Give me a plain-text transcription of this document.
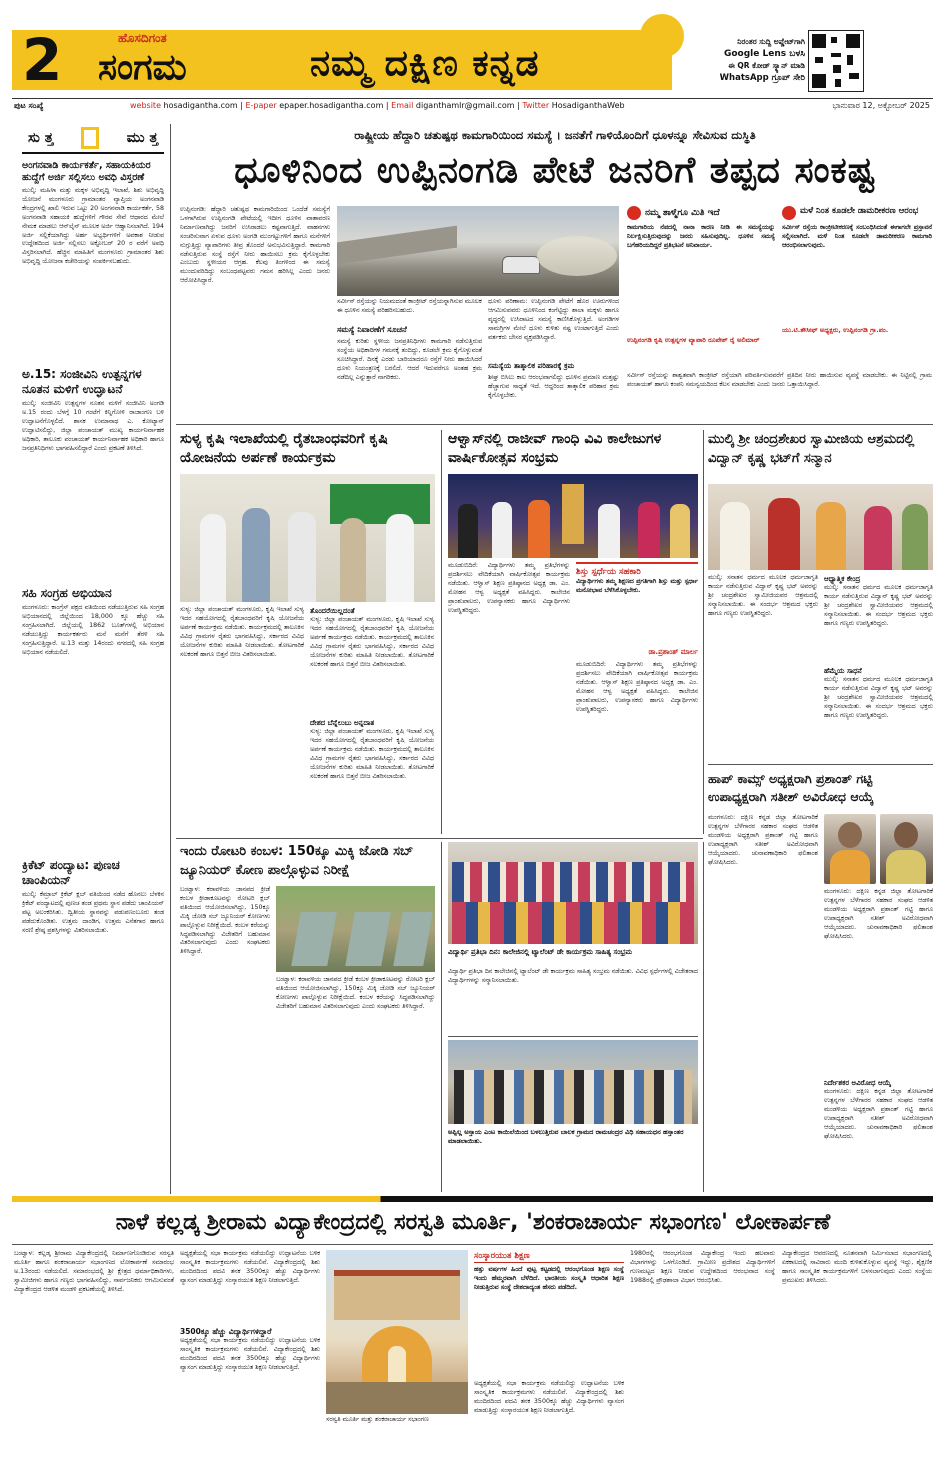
2	ಹೊಸದಿಗಂತ
ಸಂಗಮ	ನಮ್ಮ ದಕ್ಷಿಣ ಕನ್ನಡ
ನಿರಂತರ ಸುದ್ದಿ ಅಪ್ಡೇಟ್‌ಗಾಗಿ
Google Lens ಬಳಸಿ
ಈ QR ಕೋಡ್ ಸ್ಕ್ಯಾನ್ ಮಾಡಿ
WhatsApp ಗ್ರೂಪ್ ಸೇರಿ
ಪುಟ ಸಂಖ್ಯೆ	website hosadigantha.com | E-paper epaper.hosadigantha.com | Email diganthamlr@gmail.com | Twitter HosadiganthaWeb	ಭಾನುವಾರ 12, ಅಕ್ಟೋಬರ್ 2025
ಸು ತ್ತ	ಮು ತ್ತ
ಅಂಗನವಾಡಿ ಕಾರ್ಯಕರ್ತೆ, ಸಹಾಯಕಿಯರ ಹುದ್ದೆಗೆ ಅರ್ಜಿ ಸಲ್ಲಿಸಲು ಅವಧಿ ವಿಸ್ತರಣೆ
ಮುಲ್ಕಿ: ಮಹಿಳಾ ಮತ್ತು ಮಕ್ಕಳ ಅಭಿವೃದ್ಧಿ ಇಲಾಖೆ, ಶಿಶು ಅಭಿವೃದ್ಧಿ ಯೋಜನೆ ಮಂಗಳೂರು ಗ್ರಾಮಾಂತರ ವ್ಯಾಪ್ತಿಯ ಅಂಗನವಾಡಿ ಕೇಂದ್ರಗಳಲ್ಲಿ ಖಾಲಿ ಇರುವ ಒಟ್ಟು 20 ಅಂಗನವಾಡಿ ಕಾರ್ಯಕರ್ತೆ, 58 ಅಂಗನವಾಡಿ ಸಹಾಯಕಿ ಹುದ್ದೆಗಳಿಗೆ ಗೌರವ ಸೇವೆ ಆಧಾರದ ಮೇಲೆ ನೇಮಕ ಮಾಡಲು ಆನ್‌ಲೈನ್ ಮೂಲಕ ಅರ್ಜಿ ಆಹ್ವಾನಿಸಲಾಗಿದೆ. 194 ಅರ್ಜಿ ಸಲ್ಲಿಕೆಯಾಗಿದ್ದು ಅರ್ಹ ಅಭ್ಯರ್ಥಿಗಳಿಗೆ ಅವಕಾಶ ನೀಡುವ ಉದ್ದೇಶದಿಂದ ಅರ್ಜಿ ಸಲ್ಲಿಸಲು ಅಕ್ಟೋಬರ್ 20 ರ ವರೆಗೆ ಅವಧಿ ವಿಸ್ತರಿಸಲಾಗಿದೆ. ಹೆಚ್ಚಿನ ಮಾಹಿತಿಗೆ ಮಂಗಳೂರು ಗ್ರಾಮಾಂತರ ಶಿಶು ಅಭಿವೃದ್ಧಿ ಯೋಜನಾ ಕಚೇರಿಯನ್ನು ಸಂಪರ್ಕಿಸಬಹುದು.
ಅ.15: ಸಂಜೀವಿನಿ ಉತ್ಪನ್ನಗಳ ನೂತನ ಮಳಿಗೆ ಉದ್ಘಾಟನೆ
ಮುಲ್ಕಿ: ಸಂಜೀವಿನಿ ಉತ್ಪನ್ನಗಳ ನೂತನ ಮಳಿಗೆ ಸಂಜೀವಿನಿ ಅಂಗಡಿ ಅ.15 ರಂದು ಬೆಳಗ್ಗೆ 10 ಗಂಟೆಗೆ ಕಿನ್ನಿಗೋಳಿ ರಾಜಾಂಗಣ ಬಳಿ ಉದ್ಘಾಟನೆಗೊಳ್ಳಲಿದೆ. ಶಾಸಕ ಉಮಾನಾಥ ಎ. ಕೋಟ್ಯಾನ್ ಉದ್ಘಾಟಿಸಲಿದ್ದು, ಜಿಲ್ಲಾ ಪಂಚಾಯತ್ ಮುಖ್ಯ ಕಾರ್ಯನಿರ್ವಾಹಕ ಅಧಿಕಾರಿ, ತಾಲೂಕು ಪಂಚಾಯತ್ ಕಾರ್ಯನಿರ್ವಾಹಕ ಅಧಿಕಾರಿ ಹಾಗೂ ಜನಪ್ರತಿನಿಧಿಗಳು ಭಾಗವಹಿಸಲಿದ್ದಾರೆ ಎಂದು ಪ್ರಕಟಣೆ ತಿಳಿಸಿದೆ.
ಸಹಿ ಸಂಗ್ರಹ ಅಭಿಯಾನ
ಮಂಗಳೂರು: ಕಾಂಗ್ರೆಸ್ ಪಕ್ಷದ ವತಿಯಿಂದ ನಡೆಯುತ್ತಿರುವ ಸಹಿ ಸಂಗ್ರಹ ಅಭಿಯಾನದಲ್ಲಿ ಜಿಲ್ಲೆಯಿಂದ 18,000 ಕ್ಕೂ ಹೆಚ್ಚು ಸಹಿ ಸಂಗ್ರಹಿಸಲಾಗಿದೆ. ಜಿಲ್ಲೆಯಲ್ಲಿ 1862 ಬೂತ್‌ಗಳಲ್ಲಿ ಅಭಿಯಾನ ನಡೆಯುತ್ತಿದ್ದು ಕಾರ್ಯಕರ್ತರು ಮನೆ ಮನೆಗೆ ತೆರಳಿ ಸಹಿ ಸಂಗ್ರಹಿಸುತ್ತಿದ್ದಾರೆ. ಅ.13 ಮತ್ತು 14ರಂದು ನಗರದಲ್ಲಿ ಸಹಿ ಸಂಗ್ರಹ ಅಭಿಯಾನ ನಡೆಯಲಿದೆ.
ಕ್ರಿಕೆಟ್ ಪಂದ್ಯಾಟ: ಪುಣಚ ಚಾಂಪಿಯನ್
ಮುಲ್ಕಿ: ಕೆಮ್ರಾಲ್ ಕ್ರಿಕೆಟ್ ಕ್ಲಬ್ ವತಿಯಿಂದ ನಡೆದ ಹೊನಲು ಬೆಳಕಿನ ಕ್ರಿಕೆಟ್ ಪಂದ್ಯಾಟದಲ್ಲಿ ಪುಣಚ ತಂಡ ಪ್ರಥಮ ಸ್ಥಾನ ಪಡೆದು ಚಾಂಪಿಯನ್ ಪಟ್ಟ ಅಲಂಕರಿಸಿತು. ದ್ವಿತೀಯ ಸ್ಥಾನವನ್ನು ಪಡುಪಣಂಬೂರು ತಂಡ ಪಡೆದುಕೊಂಡಿತು. ಉತ್ತಮ ದಾಂಡಿಗ, ಉತ್ತಮ ಎಸೆತಗಾರ ಹಾಗೂ ಸರಣಿ ಶ್ರೇಷ್ಠ ಪ್ರಶಸ್ತಿಗಳನ್ನು ವಿತರಿಸಲಾಯಿತು.
ರಾಷ್ಟ್ರೀಯ ಹೆದ್ದಾರಿ ಚತುಷ್ಪಥ ಕಾಮಗಾರಿಯಿಂದ ಸಮಸ್ಯೆ । ಜನತೆಗೆ ಗಾಳಿಯೊಂದಿಗೆ ಧೂಳನ್ನೂ ಸೇವಿಸುವ ದುಸ್ಥಿತಿ
ಧೂಳಿನಿಂದ ಉಪ್ಪಿನಂಗಡಿ ಪೇಟೆ ಜನರಿಗೆ ತಪ್ಪದ ಸಂಕಷ್ಟ
ಉಪ್ಪಿನಂಗಡಿ: ಹೆದ್ದಾರಿ ಚತುಷ್ಪಥ ಕಾಮಗಾರಿಯಿಂದ ಒಂದೆಡೆ ಸಮಸ್ಯೆಗೆ ಒಳಗಾಗಿರುವ ಉಪ್ಪಿನಂಗಡಿ ಪೇಟೆಯಲ್ಲಿ ಇದೀಗ ಧೂಳಿನ ವಾತಾವರಣ ನಿರ್ಮಾಣವಾಗಿದ್ದು ಜನರಿಗೆ ಉಸಿರಾಡಲು ಕಷ್ಟವಾಗುತ್ತಿದೆ. ವಾಹನಗಳು ಸಂಚರಿಸುವಾಗ ಏಳುವ ಧೂಳು ಅಂಗಡಿ ಮುಂಗಟ್ಟುಗಳಿಗೆ ಹಾಗೂ ಮನೆಗಳಿಗೆ ನುಗ್ಗುತ್ತಿದ್ದು ವ್ಯಾಪಾರಿಗಳು ತೀವ್ರ ತೊಂದರೆ ಅನುಭವಿಸುತ್ತಿದ್ದಾರೆ. ಕಾಮಗಾರಿ ನಡೆಸುತ್ತಿರುವ ಸಂಸ್ಥೆ ರಸ್ತೆಗೆ ನೀರು ಹಾಯಿಸಲು ಕ್ರಮ ಕೈಗೊಳ್ಳಬೇಕು ಎಂಬುದು ಸ್ಥಳೀಯರ ಆಗ್ರಹ. ಕೆಲವು ತಿಂಗಳಿಂದ ಈ ಸಮಸ್ಯೆ ಮುಂದುವರಿದಿದ್ದು ಸಂಬಂಧಪಟ್ಟವರು ಗಮನ ಹರಿಸಿಲ್ಲ ಎಂದು ಜನರು ಆರೋಪಿಸಿದ್ದಾರೆ.
ಸರ್ವೀಸ್ ರಸ್ತೆಯನ್ನು ನಿಯಮದಂತೆ ಕಾಂಕ್ರೀಟ್ ರಸ್ತೆಯನ್ನಾಗಿಸುವ ಮೂಲಕ ಈ ಧೂಳಿನ ಸಮಸ್ಯೆ ಪರಿಹರಿಸಬಹುದು.
ಸಮಸ್ಯೆ ನಿವಾರಣೆಗೆ ಸೂಚನೆ
ಸಮಸ್ಯೆ ಕುರಿತು ಸ್ಥಳೀಯ ಜನಪ್ರತಿನಿಧಿಗಳು ಕಾಮಗಾರಿ ನಡೆಸುತ್ತಿರುವ ಸಂಸ್ಥೆಯ ಅಧಿಕಾರಿಗಳ ಗಮನಕ್ಕೆ ತಂದಿದ್ದು, ಕೂಡಲೇ ಕ್ರಮ ಕೈಗೊಳ್ಳುವಂತೆ ಸೂಚಿಸಿದ್ದಾರೆ. ದಿನಕ್ಕೆ ಎರಡು ಬಾರಿಯಾದರೂ ರಸ್ತೆಗೆ ನೀರು ಹಾಯಿಸಿದರೆ ಧೂಳು ನಿಯಂತ್ರಣಕ್ಕೆ ಬರಲಿದೆ. ಆದರೆ ಇದುವರೆಗೂ ಅಂತಹ ಕ್ರಮ ನಡೆದಿಲ್ಲ ಎನ್ನುತ್ತಾರೆ ನಾಗರಿಕರು.
ಧೂಳು ಪರಿಣಾಮ: ಉಪ್ಪಿನಂಗಡಿ ಪೇಟೆಗೆ ಹೊರ ಊರುಗಳಿಂದ ಆಗಮಿಸುವವರು ಧೂಳಿನಿಂದ ಕಂಗೆಟ್ಟಿದ್ದು ಶಾಲಾ ಮಕ್ಕಳು ಹಾಗೂ ವೃದ್ಧರಲ್ಲಿ ಉಸಿರಾಟದ ಸಮಸ್ಯೆ ಕಾಣಿಸಿಕೊಳ್ಳುತ್ತಿದೆ. ಅಂಗಡಿಗಳ ಸಾಮಗ್ರಿಗಳ ಮೇಲೆ ಧೂಳು ಕುಳಿತು ನಷ್ಟ ಉಂಟಾಗುತ್ತಿದೆ ಎಂದು ವರ್ತಕರು ಬೇಸರ ವ್ಯಕ್ತಪಡಿಸಿದ್ದಾರೆ.
ಸಮಸ್ಯೆಯ ತಾತ್ಕಾಲಿಕ ಪರಿಹಾರಕ್ಕೆ ಕ್ರಮ
ಶೀಘ್ರ ಬಿಸಿಲು ಕಾಲ ಆರಂಭವಾಗಲಿದ್ದು ಧೂಳಿನ ಪ್ರಮಾಣ ಮತ್ತಷ್ಟು ಹೆಚ್ಚಾಗುವ ಸಾಧ್ಯತೆ ಇದೆ. ಆದ್ದರಿಂದ ತಾತ್ಕಾಲಿಕ ಪರಿಹಾರ ಕ್ರಮ ಕೈಗೊಳ್ಳಬೇಕು.
ನಮ್ಮ ತಾಳ್ಮೆಗೂ ಮಿತಿ ಇದೆ
ಕಾಮಗಾರಿಯ ನೆಪದಲ್ಲಿ ನಾನಾ ಕಾರಣ ನೀಡಿ ಈ ಸಮಸ್ಯೆಯನ್ನು ನಿರ್ಲಕ್ಷಿಸುತ್ತಿರುವುದನ್ನು ಜನರು ಸಹಿಸುವುದಿಲ್ಲ. ಧೂಳಿನ ಸಮಸ್ಯೆ ಬಗೆಹರಿಯದಿದ್ದರೆ ಪ್ರತಿಭಟನೆ ಅನಿವಾರ್ಯ.
ಉಪ್ಪಿನಂಗಡಿ ಕೃಷಿ ಉತ್ಪನ್ನಗಳ ವ್ಯಾಪಾರಿ ರೂಪೇಶ್ ರೈ ಅಲಿಮಾರ್
ಮಳೆ ನಿಂತ ಕೂಡಲೇ ಡಾಮರೀಕರಣ ಆರಂಭ
ಸರ್ವೀಸ್ ರಸ್ತೆಯ ಕಾಂಕ್ರೀಟೀಕರಣಕ್ಕೆ ಸಂಬಂಧಿಸಿದಂತೆ ಈಗಾಗಲೇ ಪ್ರಸ್ತಾವನೆ ಸಲ್ಲಿಸಲಾಗಿದೆ. ಮಳೆ ನಿಂತ ಕೂಡಲೇ ಡಾಮರೀಕರಣ ಕಾಮಗಾರಿ ಆರಂಭಿಸಲಾಗುವುದು.
ಯು.ಟಿ.ತೌಸೀಫ್ ಅಧ್ಯಕ್ಷರು, ಉಪ್ಪಿನಂಗಡಿ ಗ್ರಾ.ಪಂ.
ಸರ್ವೀಸ್ ರಸ್ತೆಯನ್ನು ಶಾಶ್ವತವಾಗಿ ಕಾಂಕ್ರೀಟ್ ರಸ್ತೆಯಾಗಿ ಪರಿವರ್ತಿಸುವವರೆಗೆ ಪ್ರತಿದಿನ ನೀರು ಹಾಯಿಸುವ ವ್ಯವಸ್ಥೆ ಮಾಡಬೇಕು. ಈ ನಿಟ್ಟಿನಲ್ಲಿ ಗ್ರಾಮ ಪಂಚಾಯತ್ ಹಾಗೂ ಕಂಪನಿ ಸಮನ್ವಯದಿಂದ ಕೆಲಸ ಮಾಡಬೇಕು ಎಂದು ಜನರು ಒತ್ತಾಯಿಸಿದ್ದಾರೆ.
ಸುಳ್ಯ ಕೃಷಿ ಇಲಾಖೆಯಲ್ಲಿ ರೈತಬಾಂಧವರಿಗೆ ಕೃಷಿ ಯೋಜನೆಯ ಅರ್ಪಣೆ ಕಾರ್ಯಕ್ರಮ
ಸುಳ್ಯ: ಜಿಲ್ಲಾ ಪಂಚಾಯತ್ ಮಂಗಳೂರು, ಕೃಷಿ ಇಲಾಖೆ ಸುಳ್ಯ ಇದರ ಸಹಯೋಗದಲ್ಲಿ ರೈತಬಾಂಧವರಿಗೆ ಕೃಷಿ ಯೋಜನೆಯ ಅರ್ಪಣೆ ಕಾರ್ಯಕ್ರಮ ನಡೆಯಿತು. ಕಾರ್ಯಕ್ರಮದಲ್ಲಿ ತಾಲೂಕಿನ ವಿವಿಧ ಗ್ರಾಮಗಳ ರೈತರು ಭಾಗವಹಿಸಿದ್ದು, ಸರ್ಕಾರದ ವಿವಿಧ ಯೋಜನೆಗಳ ಕುರಿತು ಮಾಹಿತಿ ನೀಡಲಾಯಿತು. ತೋಟಗಾರಿಕೆ ಸಲಕರಣೆ ಹಾಗೂ ಬಿತ್ತನೆ ಬೀಜ ವಿತರಿಸಲಾಯಿತು.
ತೊಂದರೆಯಿಲ್ಲದಂತೆ
ಸುಳ್ಯ: ಜಿಲ್ಲಾ ಪಂಚಾಯತ್ ಮಂಗಳೂರು, ಕೃಷಿ ಇಲಾಖೆ ಸುಳ್ಯ ಇದರ ಸಹಯೋಗದಲ್ಲಿ ರೈತಬಾಂಧವರಿಗೆ ಕೃಷಿ ಯೋಜನೆಯ ಅರ್ಪಣೆ ಕಾರ್ಯಕ್ರಮ ನಡೆಯಿತು. ಕಾರ್ಯಕ್ರಮದಲ್ಲಿ ತಾಲೂಕಿನ ವಿವಿಧ ಗ್ರಾಮಗಳ ರೈತರು ಭಾಗವಹಿಸಿದ್ದು, ಸರ್ಕಾರದ ವಿವಿಧ ಯೋಜನೆಗಳ ಕುರಿತು ಮಾಹಿತಿ ನೀಡಲಾಯಿತು. ತೋಟಗಾರಿಕೆ ಸಲಕರಣೆ ಹಾಗೂ ಬಿತ್ತನೆ ಬೀಜ ವಿತರಿಸಲಾಯಿತು.
ದೇಶದ ಬೆನ್ನೆಲುಬು ಅನ್ನದಾತ
ಸುಳ್ಯ: ಜಿಲ್ಲಾ ಪಂಚಾಯತ್ ಮಂಗಳೂರು, ಕೃಷಿ ಇಲಾಖೆ ಸುಳ್ಯ ಇದರ ಸಹಯೋಗದಲ್ಲಿ ರೈತಬಾಂಧವರಿಗೆ ಕೃಷಿ ಯೋಜನೆಯ ಅರ್ಪಣೆ ಕಾರ್ಯಕ್ರಮ ನಡೆಯಿತು. ಕಾರ್ಯಕ್ರಮದಲ್ಲಿ ತಾಲೂಕಿನ ವಿವಿಧ ಗ್ರಾಮಗಳ ರೈತರು ಭಾಗವಹಿಸಿದ್ದು, ಸರ್ಕಾರದ ವಿವಿಧ ಯೋಜನೆಗಳ ಕುರಿತು ಮಾಹಿತಿ ನೀಡಲಾಯಿತು. ತೋಟಗಾರಿಕೆ ಸಲಕರಣೆ ಹಾಗೂ ಬಿತ್ತನೆ ಬೀಜ ವಿತರಿಸಲಾಯಿತು.
ಆಳ್ವಾಸ್‌ನಲ್ಲಿ ರಾಜೀವ್ ಗಾಂಧಿ ವಿವಿ ಕಾಲೇಜುಗಳ ವಾರ್ಷಿಕೋತ್ಸವ ಸಂಭ್ರಮ
ಮೂಡುಬಿದಿರೆ: ವಿದ್ಯಾರ್ಥಿಗಳು ತಮ್ಮ ಪ್ರತಿಭೆಗಳನ್ನು ಪ್ರದರ್ಶಿಸಲು ವೇದಿಕೆಯಾಗಿ ವಾರ್ಷಿಕೋತ್ಸವ ಕಾರ್ಯಕ್ರಮ ನಡೆಯಿತು. ಆಳ್ವಾಸ್ ಶಿಕ್ಷಣ ಪ್ರತಿಷ್ಠಾನದ ಅಧ್ಯಕ್ಷ ಡಾ. ಎಂ. ಮೋಹನ ಆಳ್ವ ಅಧ್ಯಕ್ಷತೆ ವಹಿಸಿದ್ದರು. ಕಾಲೇಜಿನ ಪ್ರಾಂಶುಪಾಲರು, ಉಪನ್ಯಾಸಕರು ಹಾಗೂ ವಿದ್ಯಾರ್ಥಿಗಳು ಉಪಸ್ಥಿತರಿದ್ದರು.
ಶಿಸ್ತು ಸ್ಪರ್ಧೆಯ ಸಹಕಾರಿ
ವಿದ್ಯಾರ್ಥಿಗಳು ತಮ್ಮ ಶಿಕ್ಷಣದ ಪ್ರಗತಿಗಾಗಿ ಶಿಸ್ತು ಮತ್ತು ಸ್ಪರ್ಧಾ ಮನೋಭಾವ ಬೆಳೆಸಿಕೊಳ್ಳಬೇಕು.
ಡಾ.ಪ್ರಶಾಂತ್ ಮಾರ್ಲ
ಮೂಡುಬಿದಿರೆ: ವಿದ್ಯಾರ್ಥಿಗಳು ತಮ್ಮ ಪ್ರತಿಭೆಗಳನ್ನು ಪ್ರದರ್ಶಿಸಲು ವೇದಿಕೆಯಾಗಿ ವಾರ್ಷಿಕೋತ್ಸವ ಕಾರ್ಯಕ್ರಮ ನಡೆಯಿತು. ಆಳ್ವಾಸ್ ಶಿಕ್ಷಣ ಪ್ರತಿಷ್ಠಾನದ ಅಧ್ಯಕ್ಷ ಡಾ. ಎಂ. ಮೋಹನ ಆಳ್ವ ಅಧ್ಯಕ್ಷತೆ ವಹಿಸಿದ್ದರು. ಕಾಲೇಜಿನ ಪ್ರಾಂಶುಪಾಲರು, ಉಪನ್ಯಾಸಕರು ಹಾಗೂ ವಿದ್ಯಾರ್ಥಿಗಳು ಉಪಸ್ಥಿತರಿದ್ದರು.
ಮುಲ್ಕಿ ಶ್ರೀ ಚಂದ್ರಶೇಖರ ಸ್ವಾಮೀಜಿಯ ಆಶ್ರಮದಲ್ಲಿ ವಿದ್ವಾನ್ ಕೃಷ್ಣ ಭಟ್‌ಗೆ ಸನ್ಮಾನ
ಮುಲ್ಕಿ: ಸನಾತನ ಧರ್ಮದ ಮೂಲಕ ಧರ್ಮಜಾಗೃತಿ ಕಾರ್ಯ ನಡೆಸುತ್ತಿರುವ ವಿದ್ವಾನ್ ಕೃಷ್ಣ ಭಟ್ ಅವರನ್ನು ಶ್ರೀ ಚಂದ್ರಶೇಖರ ಸ್ವಾಮೀಜಿಯವರ ಆಶ್ರಮದಲ್ಲಿ ಸನ್ಮಾನಿಸಲಾಯಿತು. ಈ ಸಂದರ್ಭ ಆಶ್ರಮದ ಭಕ್ತರು ಹಾಗೂ ಗಣ್ಯರು ಉಪಸ್ಥಿತರಿದ್ದರು.
ಆಧ್ಯಾತ್ಮಿಕ ಕೇಂದ್ರ
ಮುಲ್ಕಿ: ಸನಾತನ ಧರ್ಮದ ಮೂಲಕ ಧರ್ಮಜಾಗೃತಿ ಕಾರ್ಯ ನಡೆಸುತ್ತಿರುವ ವಿದ್ವಾನ್ ಕೃಷ್ಣ ಭಟ್ ಅವರನ್ನು ಶ್ರೀ ಚಂದ್ರಶೇಖರ ಸ್ವಾಮೀಜಿಯವರ ಆಶ್ರಮದಲ್ಲಿ ಸನ್ಮಾನಿಸಲಾಯಿತು. ಈ ಸಂದರ್ಭ ಆಶ್ರಮದ ಭಕ್ತರು ಹಾಗೂ ಗಣ್ಯರು ಉಪಸ್ಥಿತರಿದ್ದರು.
ಹೆಮ್ಮೆಯ ಸಾಧನೆ
ಮುಲ್ಕಿ: ಸನಾತನ ಧರ್ಮದ ಮೂಲಕ ಧರ್ಮಜಾಗೃತಿ ಕಾರ್ಯ ನಡೆಸುತ್ತಿರುವ ವಿದ್ವಾನ್ ಕೃಷ್ಣ ಭಟ್ ಅವರನ್ನು ಶ್ರೀ ಚಂದ್ರಶೇಖರ ಸ್ವಾಮೀಜಿಯವರ ಆಶ್ರಮದಲ್ಲಿ ಸನ್ಮಾನಿಸಲಾಯಿತು. ಈ ಸಂದರ್ಭ ಆಶ್ರಮದ ಭಕ್ತರು ಹಾಗೂ ಗಣ್ಯರು ಉಪಸ್ಥಿತರಿದ್ದರು.
ಹಾಪ್ ಕಾಮ್ಸ್ ಅಧ್ಯಕ್ಷರಾಗಿ ಪ್ರಶಾಂತ್ ಗಟ್ಟಿ ಉಪಾಧ್ಯಕ್ಷರಾಗಿ ಸತೀಶ್ ಅವಿರೋಧ ಆಯ್ಕೆ
ಮಂಗಳೂರು: ದಕ್ಷಿಣ ಕನ್ನಡ ಜಿಲ್ಲಾ ತೋಟಗಾರಿಕೆ ಉತ್ಪನ್ನಗಳ ಬೆಳೆಗಾರರ ಸಹಕಾರ ಸಂಘದ ಆಡಳಿತ ಮಂಡಳಿಯ ಅಧ್ಯಕ್ಷರಾಗಿ ಪ್ರಶಾಂತ್ ಗಟ್ಟಿ ಹಾಗೂ ಉಪಾಧ್ಯಕ್ಷರಾಗಿ ಸತೀಶ್ ಅವಿರೋಧವಾಗಿ ಆಯ್ಕೆಯಾದರು. ಚುನಾವಣಾಧಿಕಾರಿ ಫಲಿತಾಂಶ ಘೋಷಿಸಿದರು.
ಮಂಗಳೂರು: ದಕ್ಷಿಣ ಕನ್ನಡ ಜಿಲ್ಲಾ ತೋಟಗಾರಿಕೆ ಉತ್ಪನ್ನಗಳ ಬೆಳೆಗಾರರ ಸಹಕಾರ ಸಂಘದ ಆಡಳಿತ ಮಂಡಳಿಯ ಅಧ್ಯಕ್ಷರಾಗಿ ಪ್ರಶಾಂತ್ ಗಟ್ಟಿ ಹಾಗೂ ಉಪಾಧ್ಯಕ್ಷರಾಗಿ ಸತೀಶ್ ಅವಿರೋಧವಾಗಿ ಆಯ್ಕೆಯಾದರು. ಚುನಾವಣಾಧಿಕಾರಿ ಫಲಿತಾಂಶ ಘೋಷಿಸಿದರು.
ನಿರ್ದೇಶಕರ ಅವಿರೋಧ ಆಯ್ಕೆ
ಮಂಗಳೂರು: ದಕ್ಷಿಣ ಕನ್ನಡ ಜಿಲ್ಲಾ ತೋಟಗಾರಿಕೆ ಉತ್ಪನ್ನಗಳ ಬೆಳೆಗಾರರ ಸಹಕಾರ ಸಂಘದ ಆಡಳಿತ ಮಂಡಳಿಯ ಅಧ್ಯಕ್ಷರಾಗಿ ಪ್ರಶಾಂತ್ ಗಟ್ಟಿ ಹಾಗೂ ಉಪಾಧ್ಯಕ್ಷರಾಗಿ ಸತೀಶ್ ಅವಿರೋಧವಾಗಿ ಆಯ್ಕೆಯಾದರು. ಚುನಾವಣಾಧಿಕಾರಿ ಫಲಿತಾಂಶ ಘೋಷಿಸಿದರು.
ಇಂದು ರೋಟರಿ ಕಂಬಳ: 150ಕ್ಕೂ ಮಿಕ್ಕಿ ಜೋಡಿ ಸಬ್ ಜ್ಯೂನಿಯರ್ ಕೋಣ ಪಾಲ್ಗೊಳ್ಳುವ ನಿರೀಕ್ಷೆ
ಬಂಟ್ವಾಳ: ಕರಾವಳಿಯ ಜಾನಪದ ಕ್ರೀಡೆ ಕಂಬಳ ಕ್ರೀಡಾಕೂಟವನ್ನು ರೋಟರಿ ಕ್ಲಬ್ ವತಿಯಿಂದ ಆಯೋಜಿಸಲಾಗಿದ್ದು, 150ಕ್ಕೂ ಮಿಕ್ಕಿ ಜೋಡಿ ಸಬ್ ಜ್ಯೂನಿಯರ್ ಕೋಣಗಳು ಪಾಲ್ಗೊಳ್ಳುವ ನಿರೀಕ್ಷೆಯಿದೆ. ಕಂಬಳ ಕರೆಯನ್ನು ಸಿದ್ಧಪಡಿಸಲಾಗಿದ್ದು ವಿಜೇತರಿಗೆ ಬಹುಮಾನ ವಿತರಿಸಲಾಗುವುದು ಎಂದು ಸಂಘಟಕರು ತಿಳಿಸಿದ್ದಾರೆ.
ಬಂಟ್ವಾಳ: ಕರಾವಳಿಯ ಜಾನಪದ ಕ್ರೀಡೆ ಕಂಬಳ ಕ್ರೀಡಾಕೂಟವನ್ನು ರೋಟರಿ ಕ್ಲಬ್ ವತಿಯಿಂದ ಆಯೋಜಿಸಲಾಗಿದ್ದು, 150ಕ್ಕೂ ಮಿಕ್ಕಿ ಜೋಡಿ ಸಬ್ ಜ್ಯೂನಿಯರ್ ಕೋಣಗಳು ಪಾಲ್ಗೊಳ್ಳುವ ನಿರೀಕ್ಷೆಯಿದೆ. ಕಂಬಳ ಕರೆಯನ್ನು ಸಿದ್ಧಪಡಿಸಲಾಗಿದ್ದು ವಿಜೇತರಿಗೆ ಬಹುಮಾನ ವಿತರಿಸಲಾಗುವುದು ಎಂದು ಸಂಘಟಕರು ತಿಳಿಸಿದ್ದಾರೆ.
ವಿದ್ಯಾರ್ಥಿ ಪ್ರತಿಭಾ ದಿನ: ಕಾಲೇಜಿನಲ್ಲಿ ಟ್ಯಾಲೆಂಟ್ ಡೇ ಕಾರ್ಯಕ್ರಮ ಸಾಹಿತ್ಯ ಸಂಭ್ರಮ
ವಿದ್ಯಾರ್ಥಿ ಪ್ರತಿಭಾ ದಿನ ಕಾಲೇಜಿನಲ್ಲಿ ಟ್ಯಾಲೆಂಟ್ ಡೇ ಕಾರ್ಯಕ್ರಮ ಸಾಹಿತ್ಯ ಸಂಭ್ರಮ ನಡೆಯಿತು. ವಿವಿಧ ಸ್ಪರ್ಧೆಗಳಲ್ಲಿ ವಿಜೇತರಾದ ವಿದ್ಯಾರ್ಥಿಗಳನ್ನು ಸನ್ಮಾನಿಸಲಾಯಿತು.
ಅಪ್ಪಿಲ್ಲ ಅಸ್ತಾಯ ಎಂಟ ಕಾಯಿಲೆಯಿಂದ ಬಳಲುತ್ತಿರುವ ಬಾಲಕ ಗ್ರಾಮದ ರಾಮಚಂದ್ರರ ವಿಧಿ ಸಹಾಯಧನ ಹಸ್ತಾಂತರ ಮಾಡಲಾಯಿತು.
ನಾಳೆ ಕಲ್ಲಡ್ಕ ಶ್ರೀರಾಮ ವಿದ್ಯಾಕೇಂದ್ರದಲ್ಲಿ ಸರಸ್ವತಿ ಮೂರ್ತಿ, 'ಶಂಕರಾಚಾರ್ಯ ಸಭಾಂಗಣ' ಲೋಕಾರ್ಪಣೆ
ಬಂಟ್ವಾಳ: ಕಲ್ಲಡ್ಕ ಶ್ರೀರಾಮ ವಿದ್ಯಾಕೇಂದ್ರದಲ್ಲಿ ನಿರ್ಮಾಣಗೊಂಡಿರುವ ಸರಸ್ವತಿ ಮೂರ್ತಿ ಹಾಗೂ ಶಂಕರಾಚಾರ್ಯ ಸಭಾಂಗಣದ ಲೋಕಾರ್ಪಣೆ ಸಮಾರಂಭ ಅ.13ರಂದು ನಡೆಯಲಿದೆ. ಸಮಾರಂಭದಲ್ಲಿ ಶ್ರೀ ಕ್ಷೇತ್ರದ ಧರ್ಮಾಧಿಕಾರಿಗಳು, ಸ್ವಾಮೀಜಿಗಳು ಹಾಗೂ ಗಣ್ಯರು ಭಾಗವಹಿಸಲಿದ್ದು, ಸಾರ್ವಜನಿಕರು ಆಗಮಿಸುವಂತೆ ವಿದ್ಯಾಕೇಂದ್ರದ ಆಡಳಿತ ಮಂಡಳಿ ಪ್ರಕಟಣೆಯಲ್ಲಿ ತಿಳಿಸಿದೆ.
ಅಧ್ಯಕ್ಷತೆಯಲ್ಲಿ ಸಭಾ ಕಾರ್ಯಕ್ರಮ ನಡೆಯಲಿದ್ದು ಉದ್ಘಾಟನೆಯ ಬಳಿಕ ಸಾಂಸ್ಕೃತಿಕ ಕಾರ್ಯಕ್ರಮಗಳು ನಡೆಯಲಿವೆ. ವಿದ್ಯಾಕೇಂದ್ರದಲ್ಲಿ ಶಿಶು ಮಂದಿರದಿಂದ ಪದವಿ ತನಕ 3500ಕ್ಕೂ ಹೆಚ್ಚು ವಿದ್ಯಾರ್ಥಿಗಳು ವ್ಯಾಸಂಗ ಮಾಡುತ್ತಿದ್ದು ಸಂಸ್ಕಾರಯುತ ಶಿಕ್ಷಣ ನೀಡಲಾಗುತ್ತಿದೆ.
3500ಕ್ಕೂ ಹೆಚ್ಚು ವಿದ್ಯಾರ್ಥಿಗಳಿದ್ದಾರೆ
ಅಧ್ಯಕ್ಷತೆಯಲ್ಲಿ ಸಭಾ ಕಾರ್ಯಕ್ರಮ ನಡೆಯಲಿದ್ದು ಉದ್ಘಾಟನೆಯ ಬಳಿಕ ಸಾಂಸ್ಕೃತಿಕ ಕಾರ್ಯಕ್ರಮಗಳು ನಡೆಯಲಿವೆ. ವಿದ್ಯಾಕೇಂದ್ರದಲ್ಲಿ ಶಿಶು ಮಂದಿರದಿಂದ ಪದವಿ ತನಕ 3500ಕ್ಕೂ ಹೆಚ್ಚು ವಿದ್ಯಾರ್ಥಿಗಳು ವ್ಯಾಸಂಗ ಮಾಡುತ್ತಿದ್ದು ಸಂಸ್ಕಾರಯುತ ಶಿಕ್ಷಣ ನೀಡಲಾಗುತ್ತಿದೆ.
ಸರಸ್ವತಿ ಮೂರ್ತಿ ಮತ್ತು ಶಂಕರಾಚಾರ್ಯ ಸಭಾಂಗಣ
ಸಂಸ್ಕಾರಯುತ ಶಿಕ್ಷಣ
ಹತ್ತು ವರ್ಷಗಳ ಹಿಂದೆ ಪುಟ್ಟ ಕಟ್ಟಡದಲ್ಲಿ ಆರಂಭಗೊಂಡ ಶಿಕ್ಷಣ ಸಂಸ್ಥೆ ಇಂದು ಹೆಮ್ಮರವಾಗಿ ಬೆಳೆದಿದೆ. ಭಾರತೀಯ ಸಂಸ್ಕೃತಿ ಆಧಾರಿತ ಶಿಕ್ಷಣ ನೀಡುತ್ತಿರುವ ಸಂಸ್ಥೆ ದೇಶದಾದ್ಯಂತ ಹೆಸರು ಪಡೆದಿದೆ.
ಅಧ್ಯಕ್ಷತೆಯಲ್ಲಿ ಸಭಾ ಕಾರ್ಯಕ್ರಮ ನಡೆಯಲಿದ್ದು ಉದ್ಘಾಟನೆಯ ಬಳಿಕ ಸಾಂಸ್ಕೃತಿಕ ಕಾರ್ಯಕ್ರಮಗಳು ನಡೆಯಲಿವೆ. ವಿದ್ಯಾಕೇಂದ್ರದಲ್ಲಿ ಶಿಶು ಮಂದಿರದಿಂದ ಪದವಿ ತನಕ 3500ಕ್ಕೂ ಹೆಚ್ಚು ವಿದ್ಯಾರ್ಥಿಗಳು ವ್ಯಾಸಂಗ ಮಾಡುತ್ತಿದ್ದು ಸಂಸ್ಕಾರಯುತ ಶಿಕ್ಷಣ ನೀಡಲಾಗುತ್ತಿದೆ.
1980ರಲ್ಲಿ ಆರಂಭಗೊಂಡ ವಿದ್ಯಾಕೇಂದ್ರ ಇಂದು ಹಲವಾರು ವಿಭಾಗಗಳನ್ನು ಒಳಗೊಂಡಿದೆ. ಗ್ರಾಮೀಣ ಪ್ರದೇಶದ ವಿದ್ಯಾರ್ಥಿಗಳಿಗೆ ಗುಣಮಟ್ಟದ ಶಿಕ್ಷಣ ನೀಡುವ ಉದ್ದೇಶದಿಂದ ಆರಂಭವಾದ ಸಂಸ್ಥೆ 1988ರಲ್ಲಿ ಪ್ರೌಢಶಾಲಾ ವಿಭಾಗ ಆರಂಭಿಸಿತು.
ವಿದ್ಯಾಕೇಂದ್ರದ ಆವರಣದಲ್ಲಿ ನೂತನವಾಗಿ ನಿರ್ಮಿಸಲಾದ ಸಭಾಂಗಣದಲ್ಲಿ ಏಕಕಾಲದಲ್ಲಿ ಸಾವಿರಾರು ಮಂದಿ ಕುಳಿತುಕೊಳ್ಳುವ ವ್ಯವಸ್ಥೆ ಇದ್ದು, ಶೈಕ್ಷಣಿಕ ಹಾಗೂ ಸಾಂಸ್ಕೃತಿಕ ಕಾರ್ಯಕ್ರಮಗಳಿಗೆ ಬಳಸಲಾಗುವುದು ಎಂದು ಸಂಸ್ಥೆಯ ಪ್ರಮುಖರು ತಿಳಿಸಿದರು.
